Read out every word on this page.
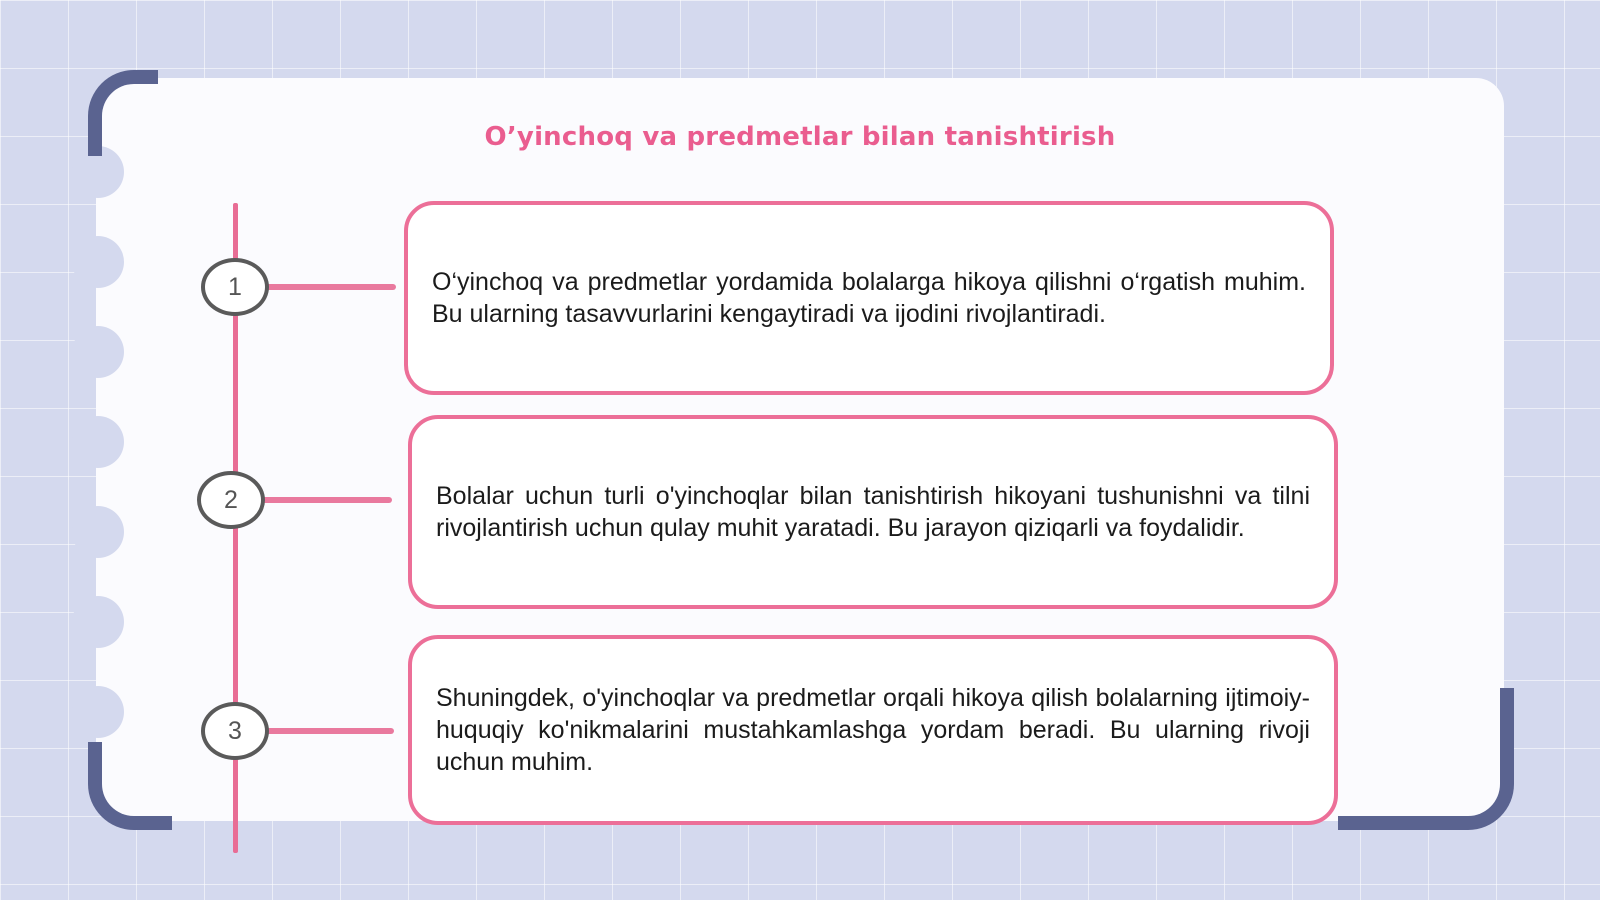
O’yinchoq va predmetlar bilan tanishtirish
1
2
3

O‘yinchoq va predmetlar yordamida bolalarga hikoya qilishni o‘rgatish muhim. Bu ularning tasavvurlarini kengaytiradi va ijodini rivojlantiradi.

Bolalar uchun turli o'yinchoqlar bilan tanishtirish hikoyani tushunishni va tilni rivojlantirish uchun qulay muhit yaratadi. Bu jarayon qiziqarli va foydalidir.

Shuningdek, o'yinchoqlar va predmetlar orqali hikoya qilish bolalarning ijtimoiy-huquqiy ko'nikmalarini mustahkamlashga yordam beradi. Bu ularning rivoji uchun muhim.
